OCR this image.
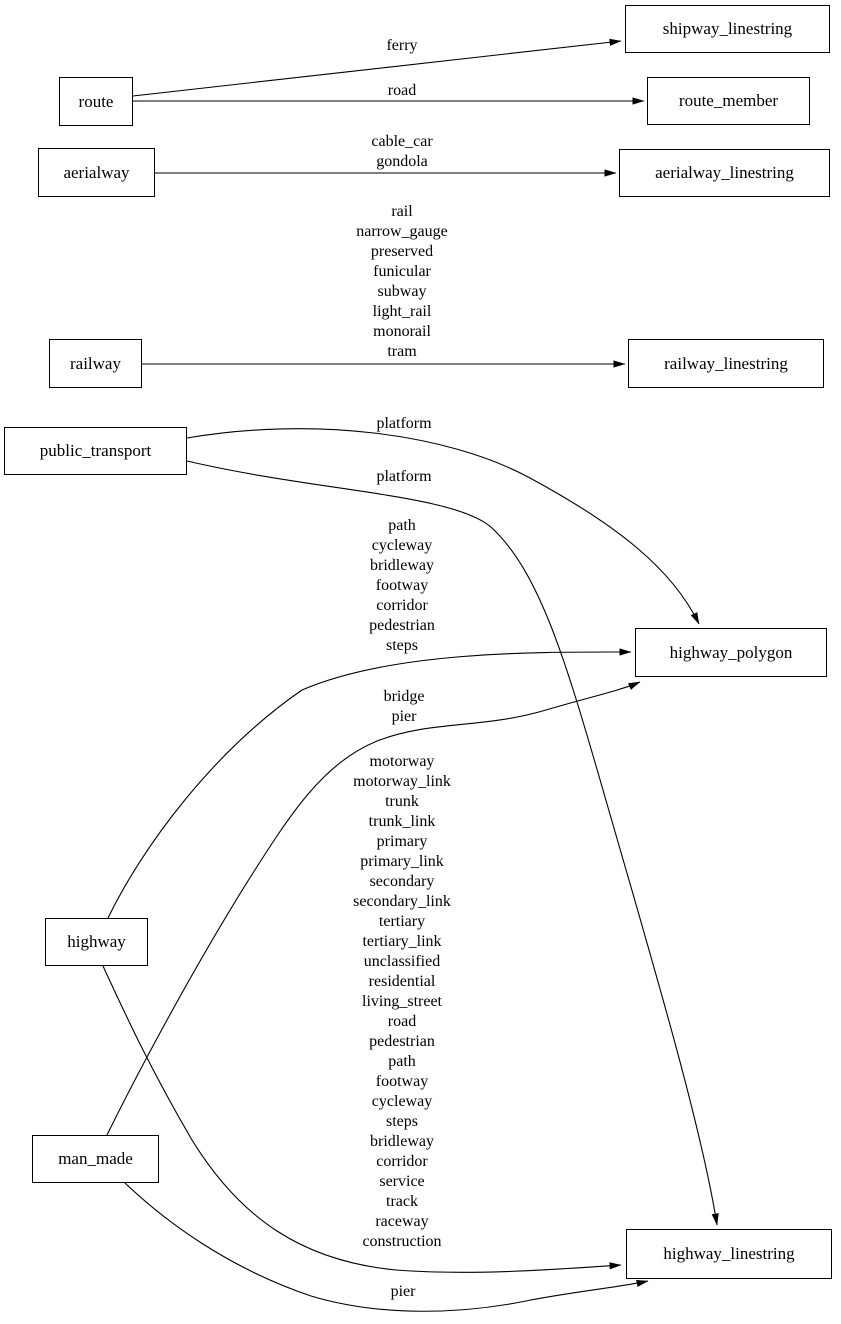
ferry
road
cable_car
gondola
rail
narrow_gauge
preserved
funicular
subway
light_rail
monorail
tram
platform
platform
path
cycleway
bridleway
footway
corridor
pedestrian
steps
bridge
pier
motorway
motorway_link
trunk
trunk_link
primary
primary_link
secondary
secondary_link
tertiary
tertiary_link
unclassified
residential
living_street
road
pedestrian
path
footway
cycleway
steps
bridleway
corridor
service
track
raceway
construction
pier
route
aerialway
railway
public_transport
highway
man_made
shipway_linestring
route_member
aerialway_linestring
railway_linestring
highway_polygon
highway_linestring
